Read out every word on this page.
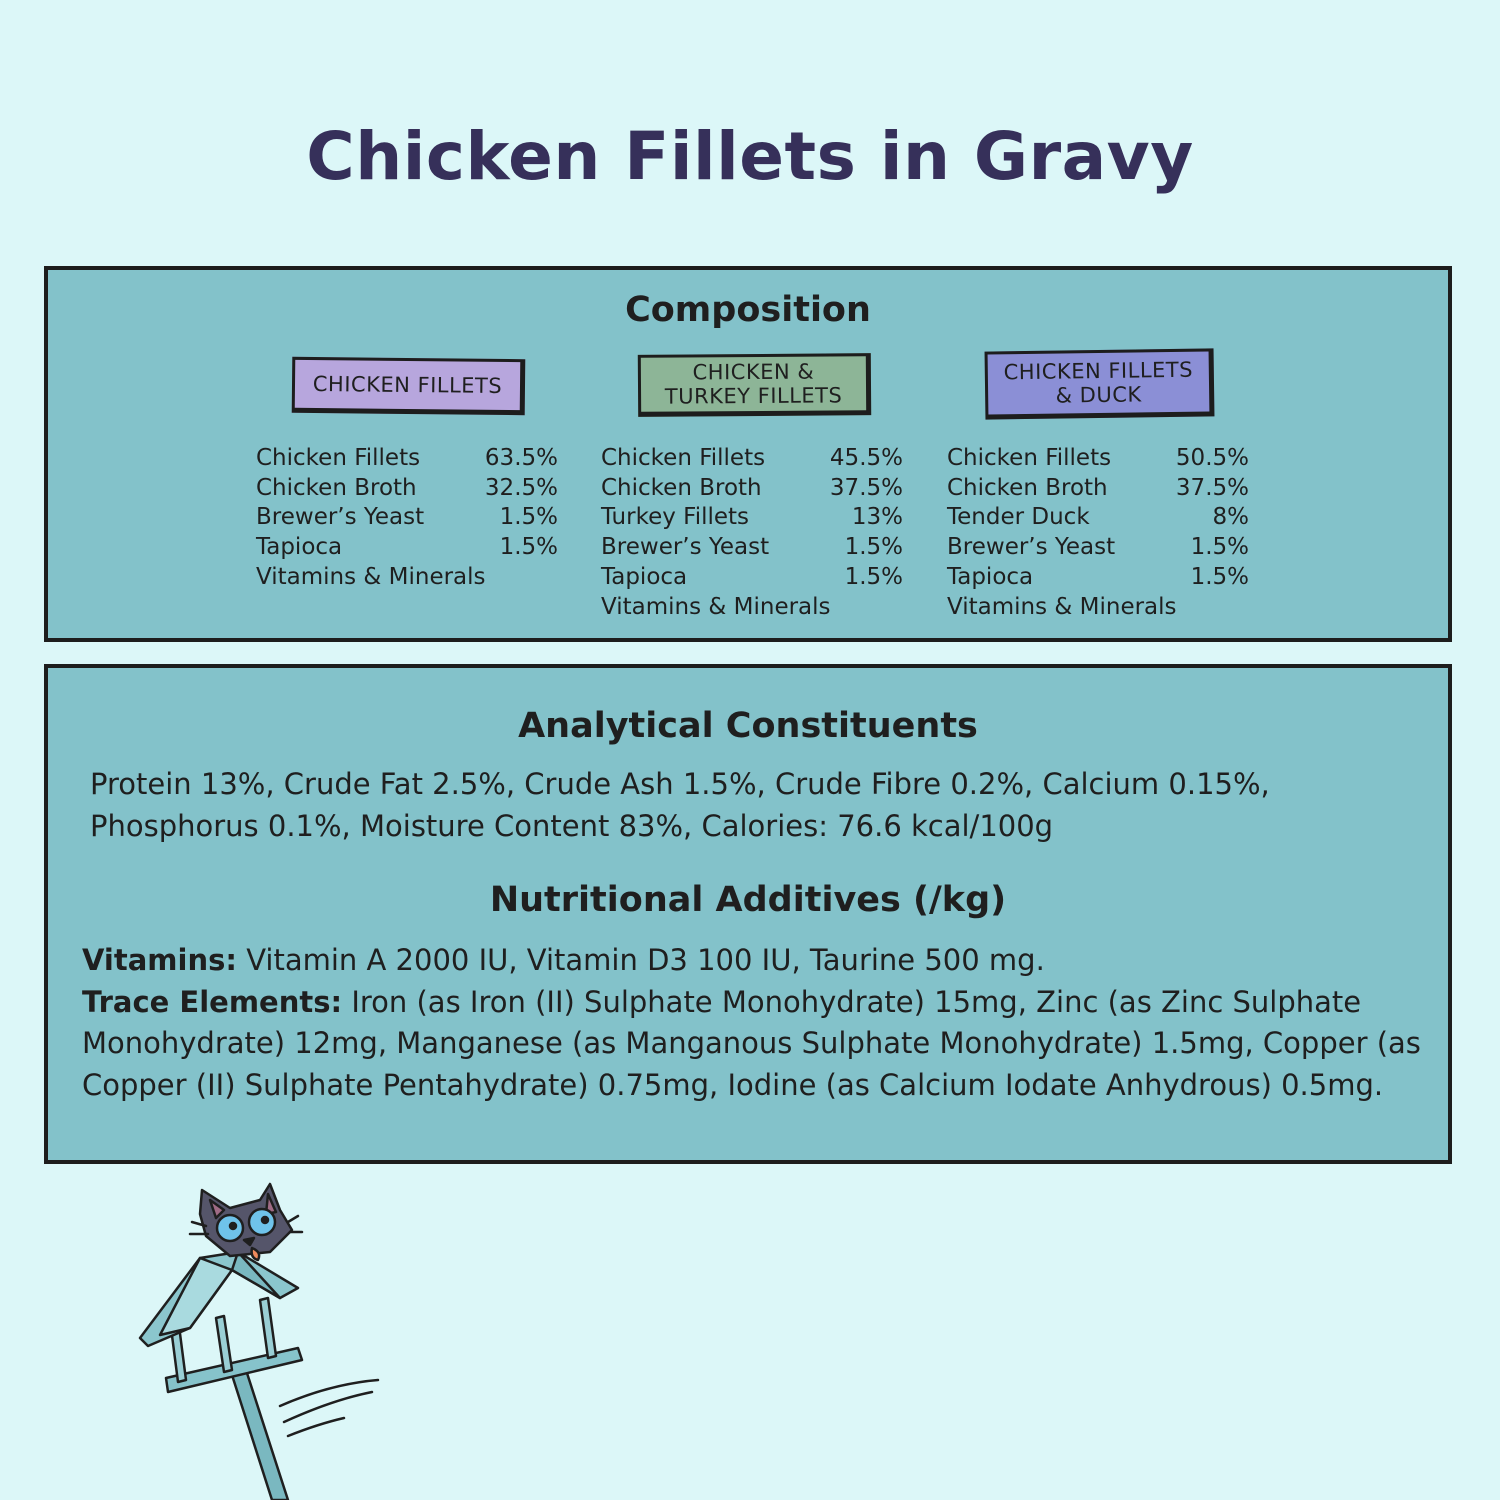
Chicken Fillets in Gravy
Composition
CHICKEN FILLETS	CHICKEN & TURKEY FILLETS
CHICKEN FILLETS & DUCK
Chicken Fillets	63.5%
Chicken Broth	32.5%
Brewer’s Yeast	1.5%
Tapioca	1.5%
Vitamins & Minerals
Chicken Fillets	45.5%
Chicken Broth	37.5%
Turkey Fillets	13%
Brewer’s Yeast	1.5%
Tapioca	1.5%
Vitamins & Minerals
Chicken Fillets	50.5%
Chicken Broth	37.5%
Tender Duck	8%
Brewer’s Yeast	1.5%
Tapioca	1.5%
Vitamins & Minerals
Analytical Constituents

Protein 13%, Crude Fat 2.5%, Crude Ash 1.5%, Crude Fibre 0.2%, Calcium 0.15%, Phosphorus 0.1%, Moisture Content 83%, Calories: 76.6 kcal/100g

Nutritional Additives (/kg)

Vitamins: Vitamin A 2000 IU, Vitamin D3 100 IU, Taurine 500 mg.

Trace Elements: Iron (as Iron (II) Sulphate Monohydrate) 15mg, Zinc (as Zinc Sulphate Monohydrate) 12mg, Manganese (as Manganous Sulphate Monohydrate) 1.5mg, Copper (as Copper (II) Sulphate Pentahydrate) 0.75mg, Iodine (as Calcium Iodate Anhydrous) 0.5mg.
